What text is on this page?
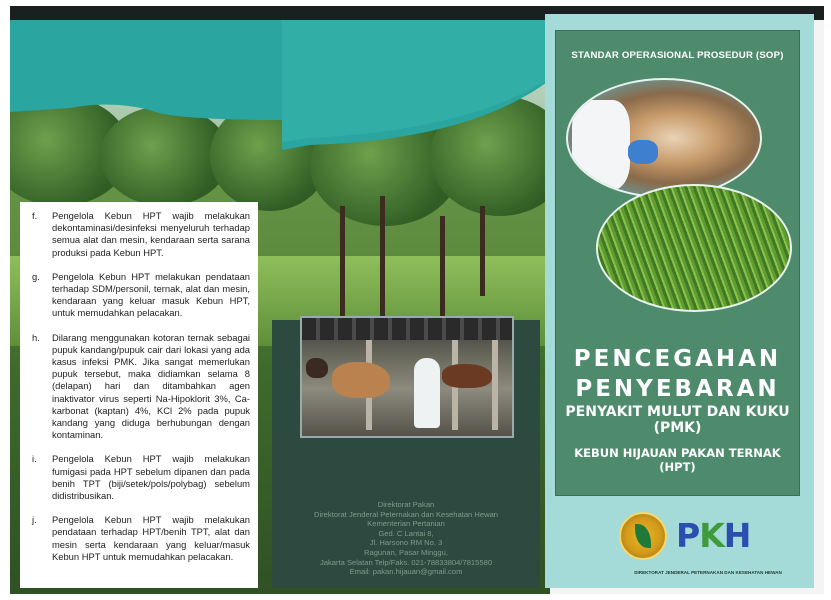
f.	Pengelola Kebun HPT wajib melakukan dekontaminasi/desinfeksi menyeluruh terhadap semua alat dan mesin, kendaraan serta sarana produksi pada Kebun HPT.
g.	Pengelola Kebun HPT melakukan pendataan terhadap SDM/personil, ternak, alat dan mesin, kendaraan yang keluar masuk Kebun HPT, untuk memudahkan pelacakan.
h.	Dilarang menggunakan kotoran ternak sebagai pupuk kandang/pupuk cair dari lokasi yang ada kasus infeksi PMK. Jika sangat memerlukan pupuk tersebut, maka didiamkan selama 8 (delapan) hari dan ditambahkan agen inaktivator virus seperti Na-Hipoklorit 3%, Ca-karbonat (kaptan) 4%, KCl 2% pada pupuk kandang yang diduga berhubungan dengan kontaminan.
i.	Pengelola Kebun HPT wajib melakukan fumigasi pada HPT sebelum dipanen dan pada benih TPT (biji/setek/pols/polybag) sebelum didistribusikan.
j.	Pengelola Kebun HPT wajib melakukan pendataan terhadap HPT/benih TPT, alat dan mesin serta kendaraan yang keluar/masuk Kebun HPT untuk memudahkan pelacakan.
Direktorat Pakan
Direktorat Jenderal Peternakan dan Kesehatan Hewan
Kementerian Pertanian
Ged. C Lantai 8,
Jl. Harsono RM No. 3
Ragunan, Pasar Minggu,
Jakarta Selatan Telp/Faks. 021-78833804/7815580
Email: pakan.hijauan@gmail.com
STANDAR OPERASIONAL PROSEDUR (SOP)
PENCEGAHAN
PENYEBARAN
PENYAKIT MULUT DAN KUKU
(PMK)
KEBUN HIJAUAN PAKAN TERNAK
(HPT)
PKH
DIREKTORAT JENDERAL PETERNAKAN DAN KESEHATAN HEWAN
